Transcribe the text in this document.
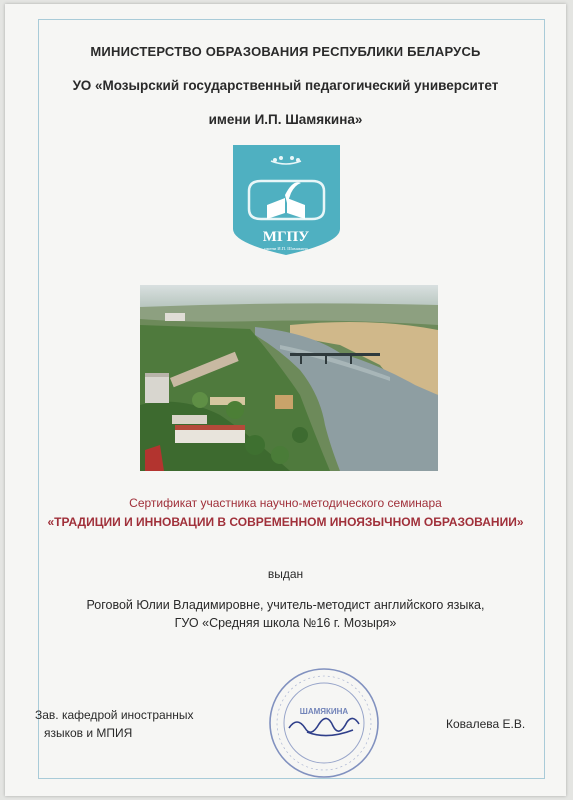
МИНИСТЕРСТВО ОБРАЗОВАНИЯ РЕСПУБЛИКИ БЕЛАРУСЬ
УО «Мозырский государственный педагогический университет
имени И.П. Шамякина»
МГПУ
имени И.П. Шамякина
Сертификат участника научно-методического семинара
«ТРАДИЦИИ И ИННОВАЦИИ В СОВРЕМЕННОМ ИНОЯЗЫЧНОМ ОБРАЗОВАНИИ»
выдан
Роговой Юлии Владимировне, учитель-методист английского языка,
ГУО «Средняя школа №16 г. Мозыря»
Зав. кафедрой иностранных
языков и МПИЯ
Ковалева Е.В.
ШАМЯКИНА
